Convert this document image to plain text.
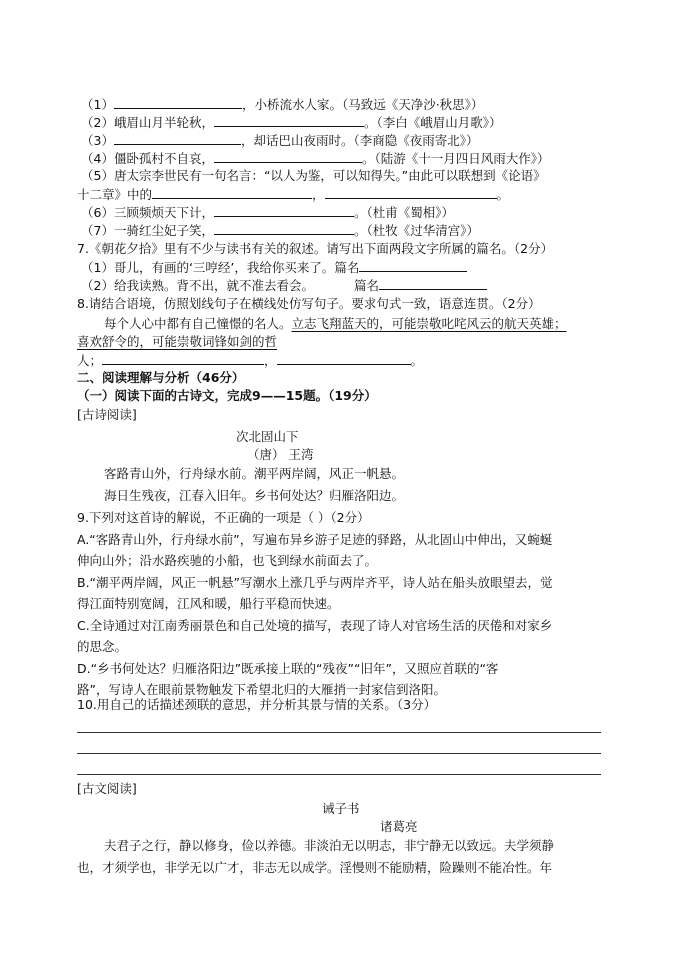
（1）	，小桥流水人家。（马致远《天净沙·秋思》）
（2）峨眉山月半轮秋，	。（李白《峨眉山月歌》）
（3）	，却话巴山夜雨时。（李商隐《夜雨寄北》）
（4）僵卧孤村不自哀，	。（陆游《十一月四日风雨大作》）
（5）唐太宗李世民有一句名言：“以人为鉴，可以知得失。”由此可以联想到《论语》
十二章》中的	，	。
（6）三顾频烦天下计，	。（杜甫《蜀相》）
（7）一骑红尘妃子笑，	。（杜牧《过华清宫》）
7.《朝花夕拾》里有不少与读书有关的叙述。请写出下面两段文字所属的篇名。（2分）
（1）哥儿，有画的‘三哼经’，我给你买来了。篇名
（2）给我读熟。背不出，就不准去看会。	篇名
8.请结合语境，仿照划线句子在横线处仿写句子。要求句式一致，语意连贯。（2分）
每个人心中都有自己憧憬的名人。立志飞翔蓝天的，可能崇敬叱咤风云的航天英雄；
喜欢舒令的，可能崇敬词锋如剑的哲
人；	，	。
二、阅读理解与分析（46分）
（一）阅读下面的古诗文，完成9——15题。（19分）
[古诗阅读]
次北固山下
（唐） 王湾
客路青山外，行舟绿水前。潮平两岸阔，风正一帆悬。
海日生残夜，江春入旧年。乡书何处达？归雁洛阳边。
9.下列对这首诗的解说，不正确的一项是（ ）（2分）
A.“客路青山外，行舟绿水前”，写遍布异乡游子足迹的驿路，从北固山中伸出，又蜿蜒
伸向山外；沿水路疾驰的小船，也飞到绿水前面去了。
B.“潮平两岸阔，风正一帆悬”写潮水上涨几乎与两岸齐平，诗人站在船头放眼望去，觉
得江面特别宽阔，江风和暖，船行平稳而快速。
C.全诗通过对江南秀丽景色和自己处境的描写，表现了诗人对官场生活的厌倦和对家乡
的思念。
D.“乡书何处达？归雁洛阳边”既承接上联的“残夜”“旧年”，又照应首联的“客
路”，写诗人在眼前景物触发下希望北归的大雁捎一封家信到洛阳。
10.用自己的话描述颈联的意思，并分析其景与情的关系。（3分）
[古文阅读]
诫子书
诸葛亮
夫君子之行，静以修身，俭以养德。非淡泊无以明志，非宁静无以致远。夫学须静
也，才须学也，非学无以广才，非志无以成学。淫慢则不能励精，险躁则不能冶性。年
